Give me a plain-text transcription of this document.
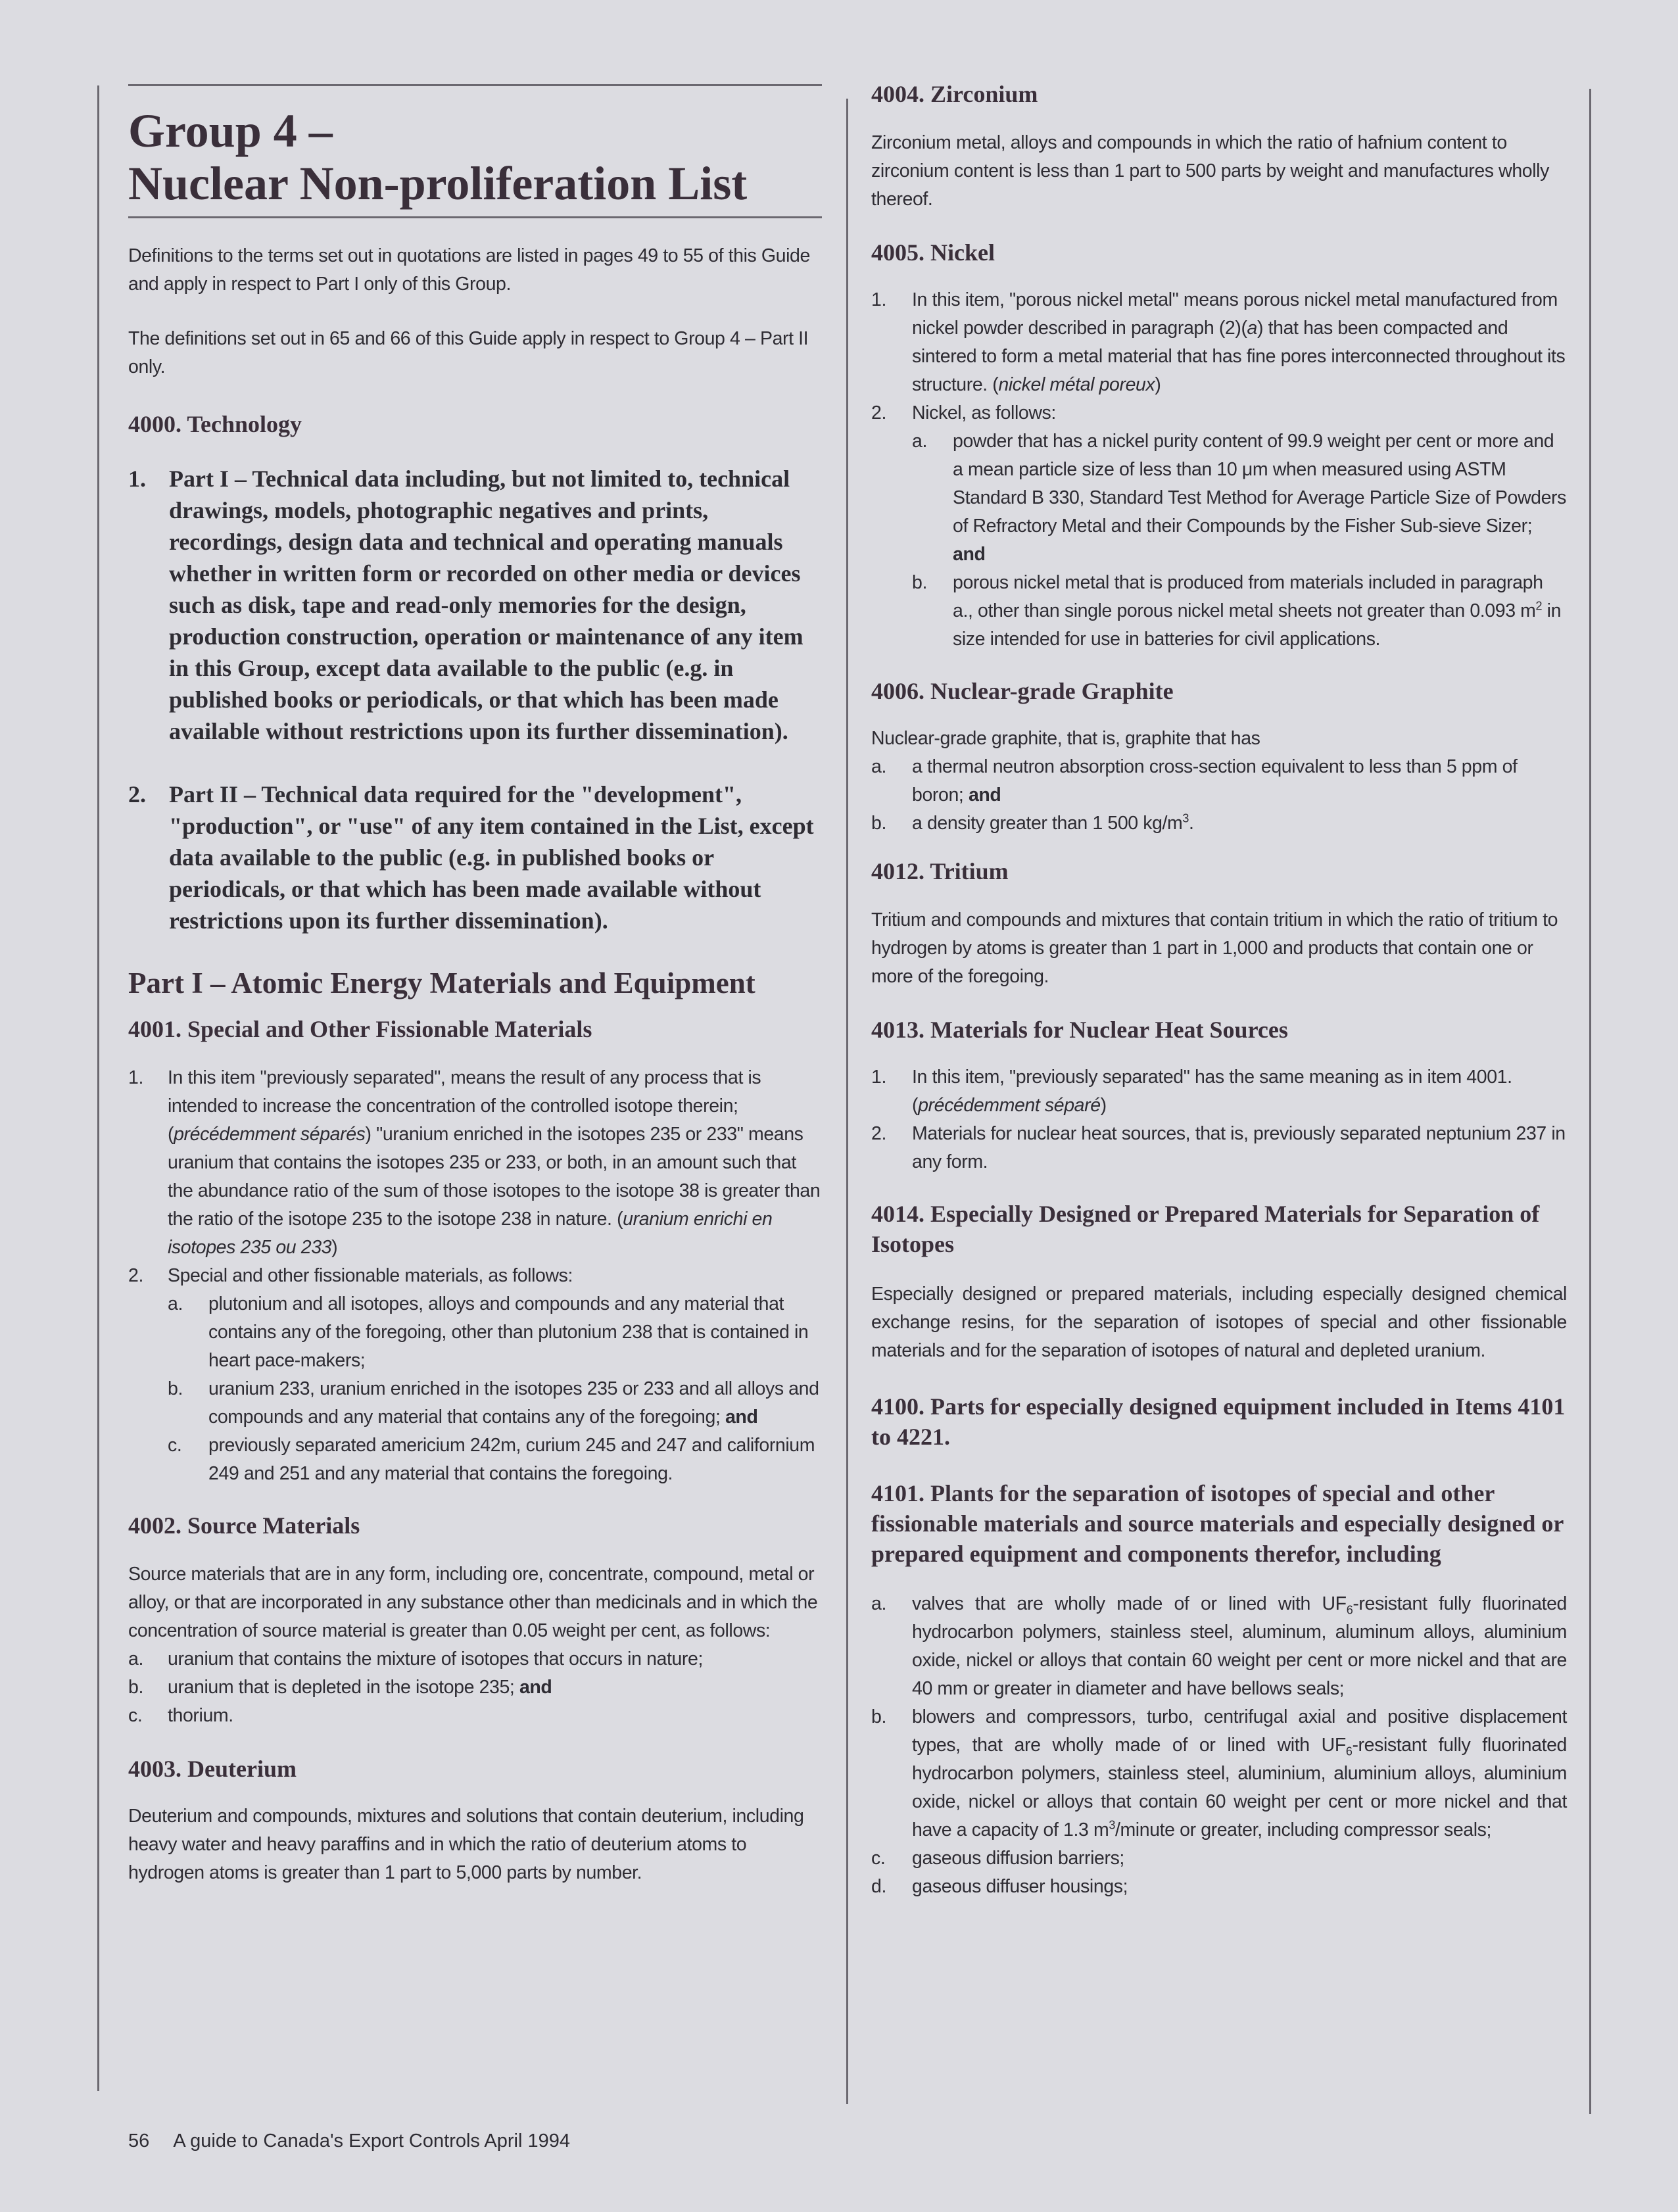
Group 4 –
Nuclear Non-proliferation List

Definitions to the terms set out in quotations are listed in pages 49 to 55 of this Guide and apply in respect to Part I only of this Group.

The definitions set out in 65 and 66 of this Guide apply in respect to Group 4 – Part II only.

4000. Technology

1. Part I – Technical data including, but not limited to, technical drawings, models, photographic negatives and prints, recordings, design data and technical and operating manuals whether in written form or recorded on other media or devices such as disk, tape and read-only memories for the design, production construction, operation or maintenance of any item in this Group, except data available to the public (e.g. in published books or periodicals, or that which has been made available without restrictions upon its further dissemination).
2. Part II – Technical data required for the "development", "production", or "use" of any item contained in the List, except data available to the public (e.g. in published books or periodicals, or that which has been made available without restrictions upon its further dissemination).

Part I – Atomic Energy Materials and Equipment

4001. Special and Other Fissionable Materials

1.	In this item "previously separated", means the result of any process that is intended to increase the concentration of the controlled isotope therein; (précédemment séparés) "uranium enriched in the isotopes 235 or 233" means uranium that contains the isotopes 235 or 233, or both, in an amount such that the abundance ratio of the sum of those isotopes to the isotope 38 is greater than the ratio of the isotope 235 to the isotope 238 in nature. (uranium enrichi en isotopes 235 ou 233)
2.	Special and other fissionable materials, as follows:
a.	plutonium and all isotopes, alloys and compounds and any material that contains any of the foregoing, other than plutonium 238 that is contained in heart pace-makers;
b.	uranium 233, uranium enriched in the isotopes 235 or 233 and all alloys and compounds and any material that contains any of the foregoing; and
c.	previously separated americium 242m, curium 245 and 247 and californium 249 and 251 and any material that contains the foregoing.

4002. Source Materials

Source materials that are in any form, including ore, concentrate, compound, metal or alloy, or that are incorporated in any substance other than medicinals and in which the concentration of source material is greater than 0.05 weight per cent, as follows:

a.	uranium that contains the mixture of isotopes that occurs in nature;
b.	uranium that is depleted in the isotope 235; and
c.	thorium.

4003. Deuterium

Deuterium and compounds, mixtures and solutions that contain deuterium, including heavy water and heavy paraffins and in which the ratio of deuterium atoms to hydrogen atoms is greater than 1 part to 5,000 parts by number.

4004. Zirconium

Zirconium metal, alloys and compounds in which the ratio of hafnium content to zirconium content is less than 1 part to 500 parts by weight and manufactures wholly thereof.

4005. Nickel

1.	In this item, "porous nickel metal" means porous nickel metal manufactured from nickel powder described in paragraph (2)(a) that has been compacted and sintered to form a metal material that has fine pores interconnected throughout its structure. (nickel métal poreux)
2.	Nickel, as follows:
a.	powder that has a nickel purity content of 99.9 weight per cent or more and a mean particle size of less than 10 μm when measured using ASTM Standard B 330, Standard Test Method for Average Particle Size of Powders of Refractory Metal and their Compounds by the Fisher Sub-sieve Sizer; and
b.	porous nickel metal that is produced from materials included in paragraph a., other than single porous nickel metal sheets not greater than 0.093 $m^2$ in size intended for use in batteries for civil applications.

4006. Nuclear-grade Graphite

Nuclear-grade graphite, that is, graphite that has

a.	a thermal neutron absorption cross-section equivalent to less than 5 ppm of boron; and
b.	a density greater than 1 500 $kg/m^3$.

4012. Tritium

Tritium and compounds and mixtures that contain tritium in which the ratio of tritium to hydrogen by atoms is greater than 1 part in 1,000 and products that contain one or more of the foregoing.

4013. Materials for Nuclear Heat Sources

1.	In this item, "previously separated" has the same meaning as in item 4001. (précédemment séparé)
2.	Materials for nuclear heat sources, that is, previously separated neptunium 237 in any form.

4014. Especially Designed or Prepared Materials for Separation of Isotopes

Especially designed or prepared materials, including especially designed chemical exchange resins, for the separation of isotopes of special and other fissionable materials and for the separation of isotopes of natural and depleted uranium.

4100. Parts for especially designed equipment included in Items 4101 to 4221.

4101. Plants for the separation of isotopes of special and other fissionable materials and source materials and especially designed or prepared equipment and components therefor, including

a.	valves that are wholly made of or lined with $UF_6$-resistant fully fluorinated hydrocarbon polymers, stainless steel, aluminum, aluminum alloys, aluminium oxide, nickel or alloys that contain 60 weight per cent or more nickel and that are 40 mm or greater in diameter and have bellows seals;
b.	blowers and compressors, turbo, centrifugal axial and positive displacement types, that are wholly made of or lined with $UF_6$-resistant fully fluorinated hydrocarbon polymers, stainless steel, aluminium, aluminium alloys, aluminium oxide, nickel or alloys that contain 60 weight per cent or more nickel and that have a capacity of 1.3 $m^3$/minute or greater, including compressor seals;
c.	gaseous diffusion barriers;
d.	gaseous diffuser housings;
56 A guide to Canada's Export Controls April 1994
